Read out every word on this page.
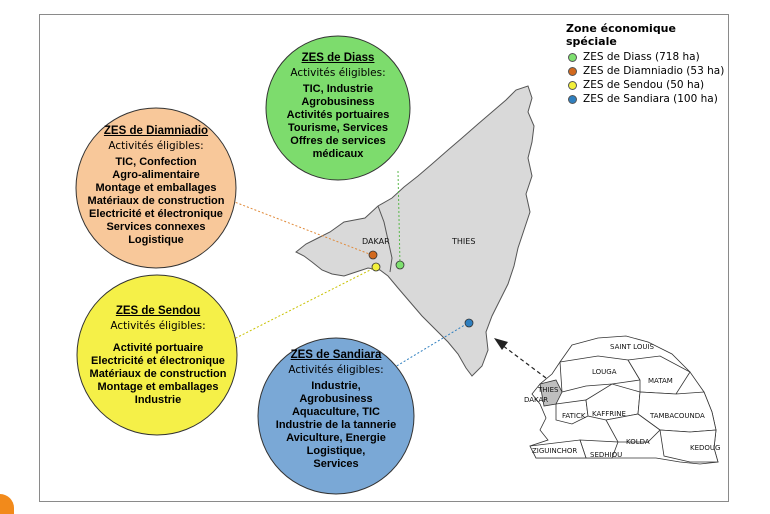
ZES de Diass
Activités éligibles:
TIC, Industrie
Agrobusiness
Activités portuaires
Tourisme, Services
Offres de services
médicaux
ZES de Diamniadio
Activités éligibles:
TIC, Confection
Agro-alimentaire
Montage et emballages
Matériaux de construction
Electricité et électronique
Services connexes
Logistique
ZES de Sendou
Activités éligibles:
Activité portuaire
Electricité et électronique
Matériaux de construction
Montage et emballages
Industrie
ZES de Sandiara
Activités éligibles:
Industrie,
Agrobusiness
Aquaculture, TIC
Industrie de la tannerie
Aviculture, Energie
Logistique,
Services
Zone économique spéciale
ZES de Diass (718 ha)
ZES de Diamniadio (53 ha)
ZES de Sendou (50 ha)
ZES de Sandiara (100 ha)
DAKAR	THIES
SAINT LOUIS
LOUGA
MATAM
THIES
DAKAR
FATICK KAFFRINE	TAMBACOUNDA
KOLDA
SEDHIOU
ZIGUINCHOR	KEDOUG
